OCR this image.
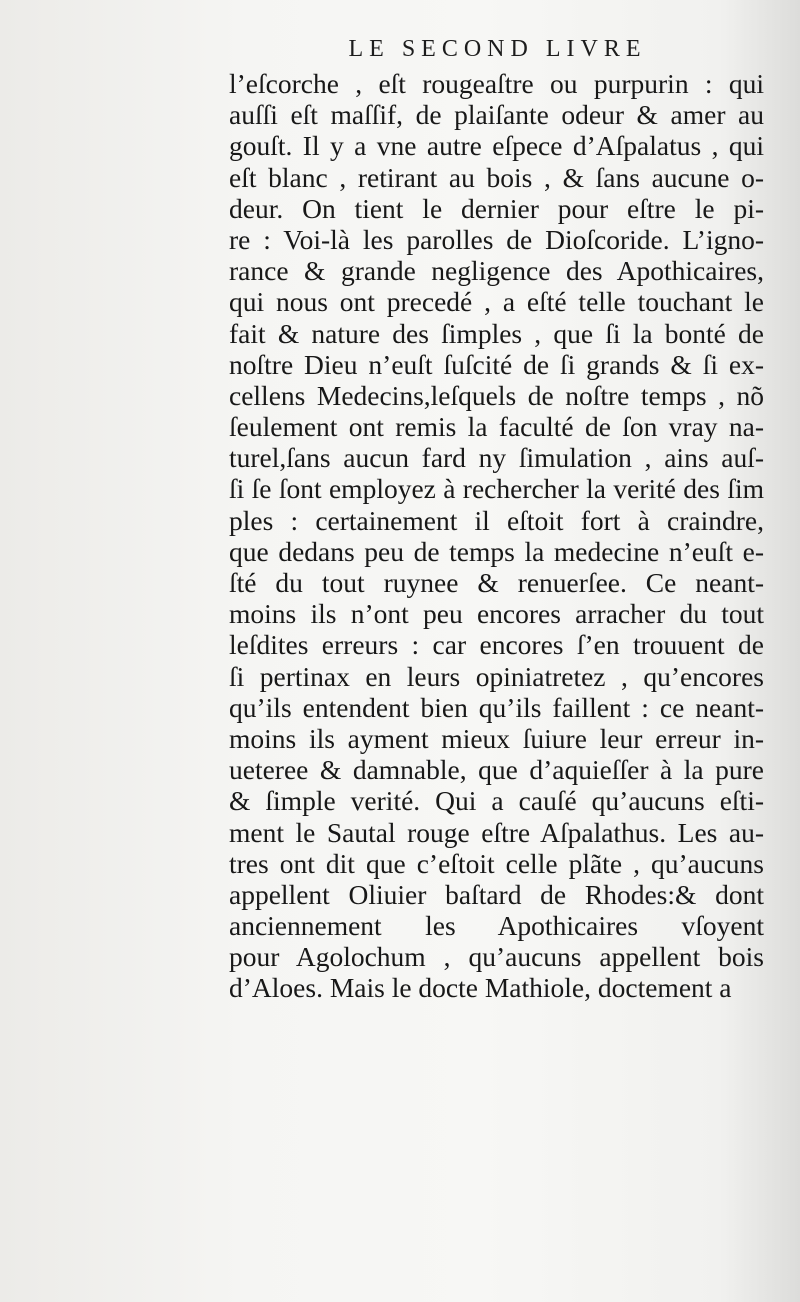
LE SECOND LIVRE
l’eſcorche , eſt rougeaſtre ou purpurin : qui
auſſi eſt maſſif, de plaiſante odeur & amer au
gouſt. Il y a vne autre eſpece d’Aſpalatus , qui
eſt blanc , retirant au bois , & ſans aucune o-
deur. On tient le dernier pour eſtre le pi-
re : Voi-là les parolles de Dioſcoride. L’igno-
rance & grande negligence des Apothicaires,
qui nous ont precedé , a eſté telle touchant le
fait & nature des ſimples , que ſi la bonté de
noſtre Dieu n’euſt ſuſcité de ſi grands & ſi ex-
cellens Medecins,leſquels de noſtre temps , nõ
ſeulement ont remis la faculté de ſon vray na-
turel,ſans aucun fard ny ſimulation , ains auſ-
ſi ſe ſont employez à rechercher la verité des ſim
ples : certainement il eſtoit fort à craindre,
que dedans peu de temps la medecine n’euſt e-
ſté du tout ruynee & renuerſee. Ce neant-
moins ils n’ont peu encores arracher du tout
leſdites erreurs : car encores ſ’en trouuent de
ſi pertinax en leurs opiniatretez , qu’encores
qu’ils entendent bien qu’ils faillent : ce neant-
moins ils ayment mieux ſuiure leur erreur in-
ueteree & damnable, que d’aquieſſer à la pure
& ſimple verité. Qui a cauſé qu’aucuns eſti-
ment le Sautal rouge eſtre Aſpalathus. Les au-
tres ont dit que c’eſtoit celle plãte , qu’aucuns
appellent Oliuier baſtard de Rhodes:& dont
anciennement les Apothicaires vſoyent
pour Agolochum , qu’aucuns appellent bois
d’Aloes. Mais le docte Mathiole, doctement a
